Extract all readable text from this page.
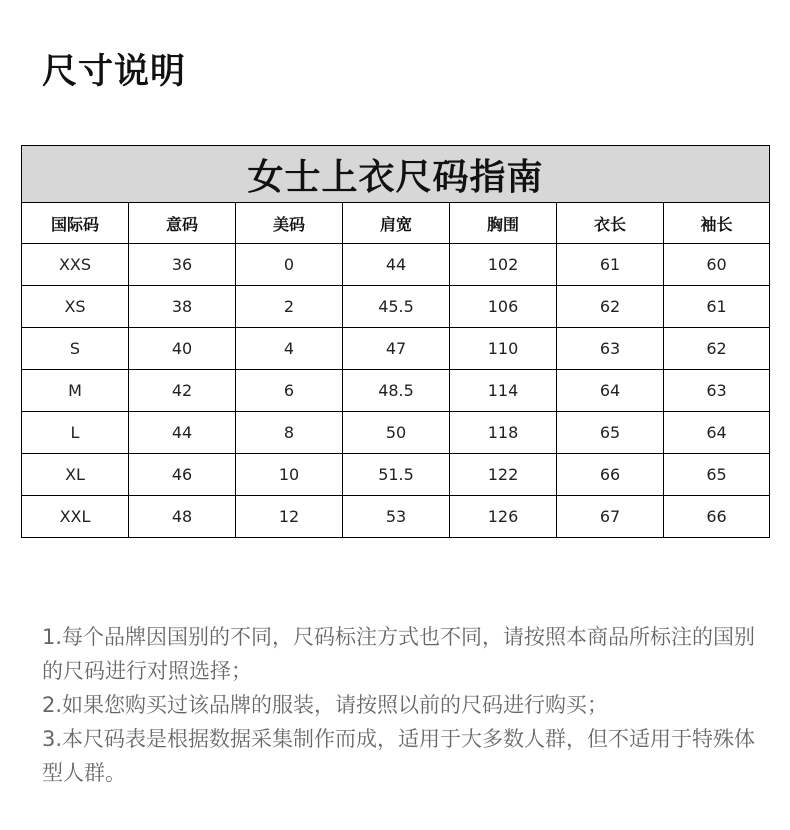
尺寸说明
女士上衣尺码指南						
国际码	意码	美码	肩宽	胸围	衣长	袖长
XXS	36	0	44	102	61	60
XS	38	2	45.5	106	62	61
S	40	4	47	110	63	62
M	42	6	48.5	114	64	63
L	44	8	50	118	65	64
XL	46	10	51.5	122	66	65
XXL	48	12	53	126	67	66

1.每个品牌因国别的不同，尺码标注方式也不同，请按照本商品所标注的国别的尺码进行对照选择；

2.如果您购买过该品牌的服装，请按照以前的尺码进行购买；

3.本尺码表是根据数据采集制作而成，适用于大多数人群，但不适用于特殊体型人群。
